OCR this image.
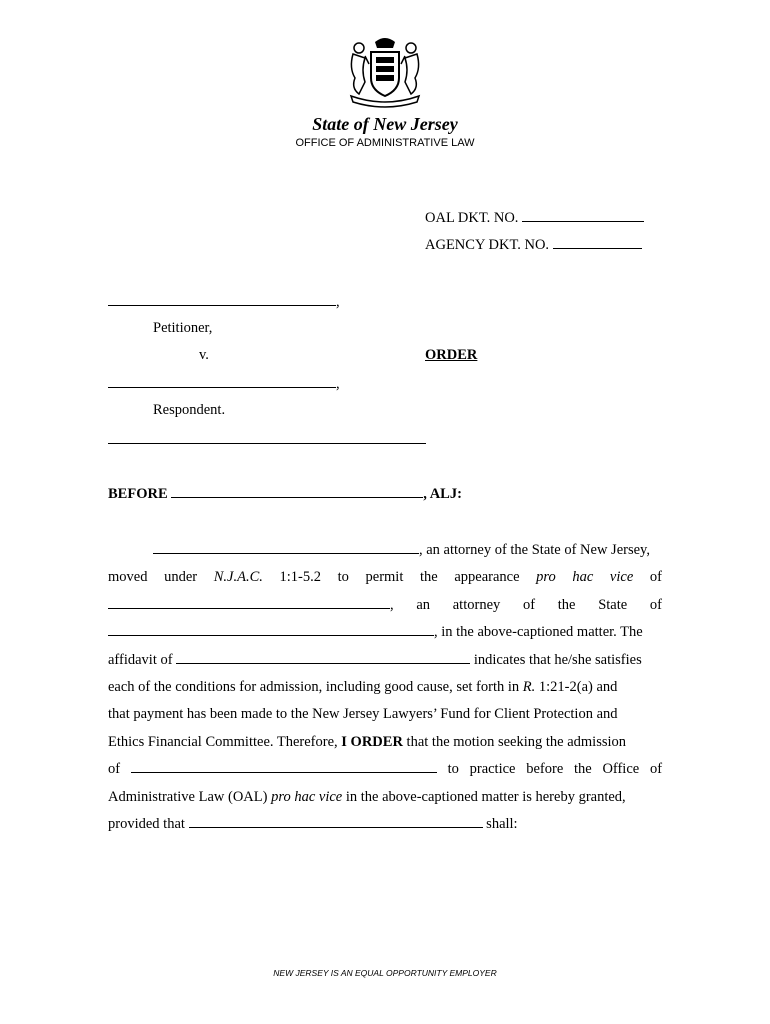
State of New Jersey
OFFICE OF ADMINISTRATIVE LAW
OAL DKT. NO.
AGENCY DKT. NO.
,
Petitioner,
v.	ORDER
,
Respondent.
BEFORE	, ALJ:
, an attorney of the State of New Jersey,
moved under N.J.A.C. 1:1-5.2 to permit the appearance pro hac vice of
, an attorney of the State of
, in the above-captioned matter. The
affidavit of	indicates that he/she satisfies
each of the conditions for admission, including good cause, set forth in R. 1:21-2(a) and
that payment has been made to the New Jersey Lawyers’ Fund for Client Protection and
Ethics Financial Committee. Therefore, I ORDER that the motion seeking the admission
of	to practice before the Office of
Administrative Law (OAL) pro hac vice in the above-captioned matter is hereby granted,
provided that	shall:
NEW JERSEY IS AN EQUAL OPPORTUNITY EMPLOYER
